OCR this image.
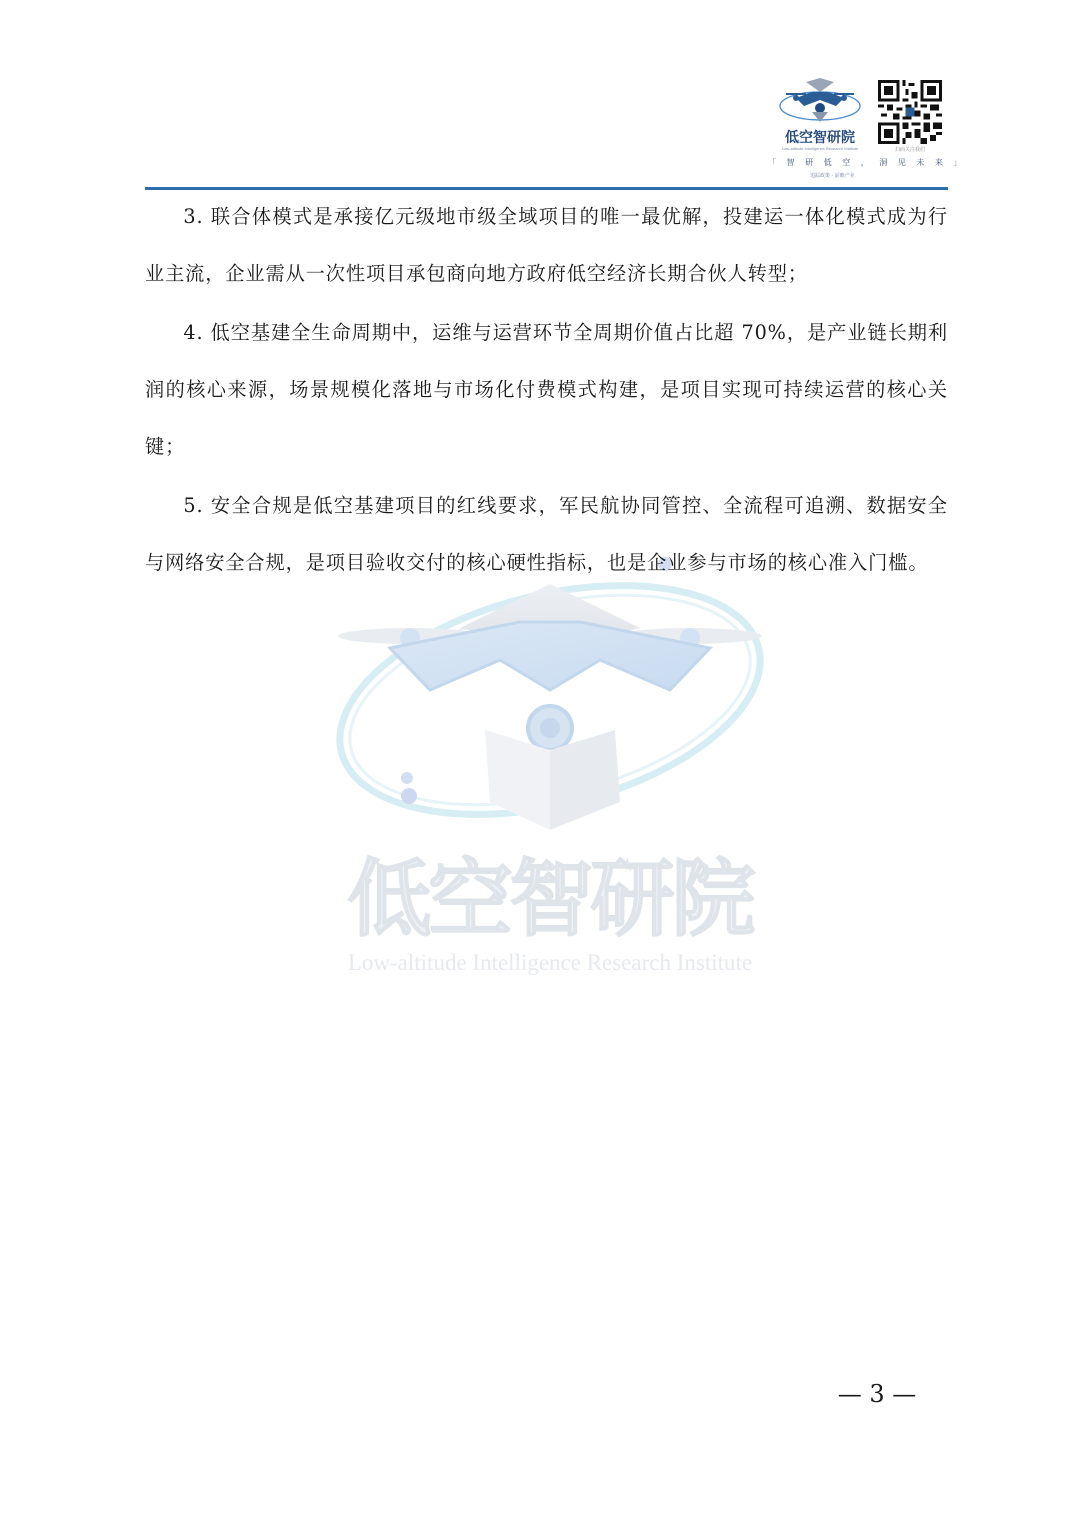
低空智研院
Low-altitude Intelligence Research Institute	扫码关注我们
「 智 研 低 空 ， 洞 见 未 来 」
追踪政策 · 前瞻产业
低空智研院
Low-altitude Intelligence Research Institute

3. 联合体模式是承接亿元级地市级全域项目的唯一最优解，投建运一体化模式成为行业主流，企业需从一次性项目承包商向地方政府低空经济长期合伙人转型；

4. 低空基建全生命周期中，运维与运营环节全周期价值占比超 70%，是产业链长期利润的核心来源，场景规模化落地与市场化付费模式构建，是项目实现可持续运营的核心关键；

5. 安全合规是低空基建项目的红线要求，军民航协同管控、全流程可追溯、数据安全与网络安全合规，是项目验收交付的核心硬性指标，也是企业参与市场的核心准入门槛。

— 3 —
